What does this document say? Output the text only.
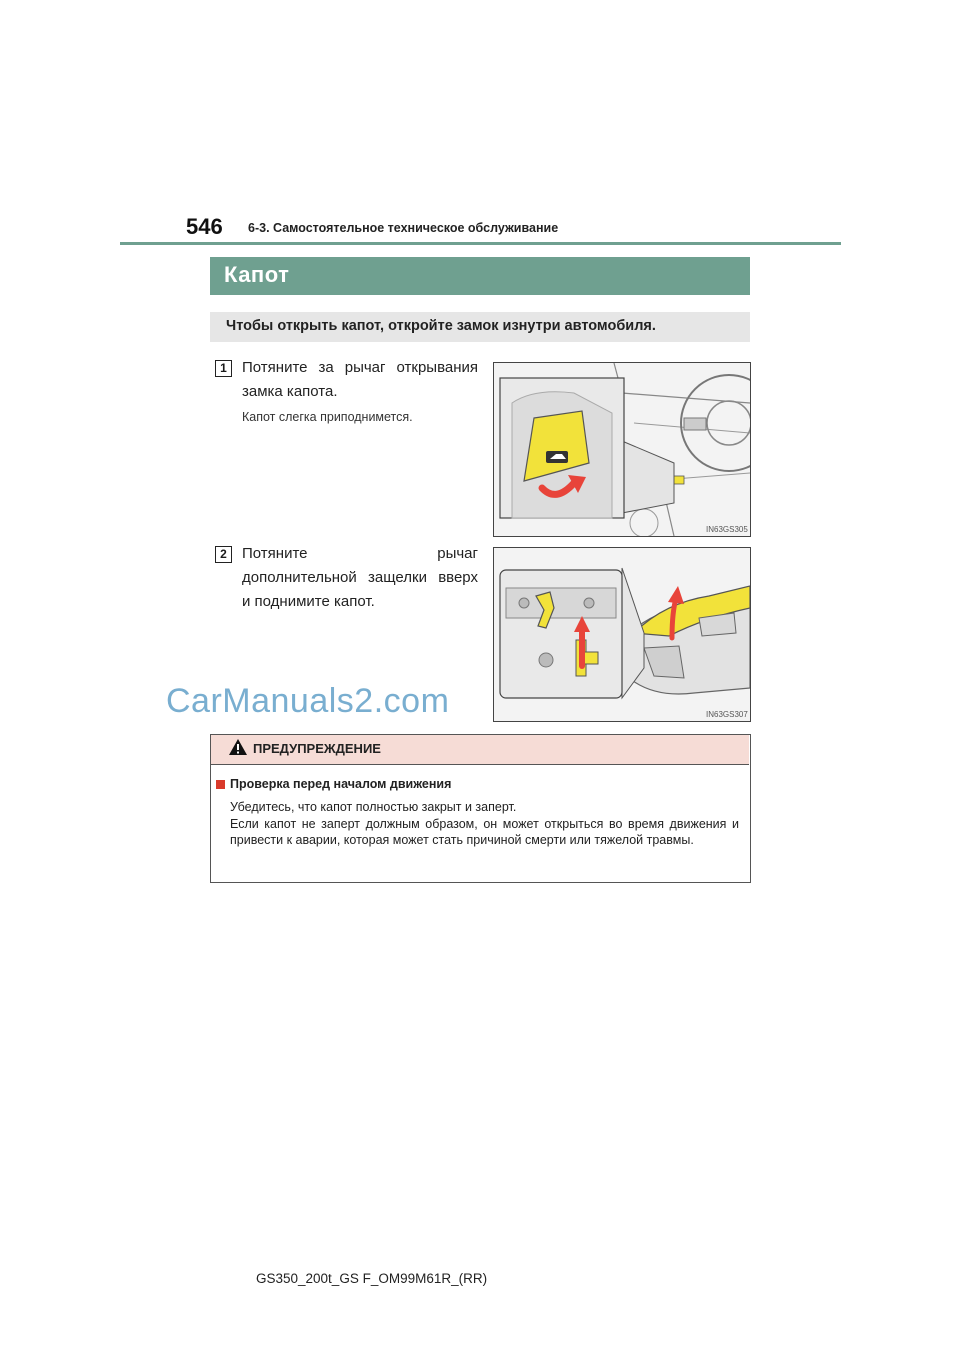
546 6-3. Самостоятельное техническое обслуживание
Капот
Чтобы открыть капот, откройте замок изнутри автомобиля.
1	Потяните за рычаг открывания
замка капота.
Капот слегка приподнимется.
IN63GS305
2	Потяните рычаг
дополнительной защелки вверх
и поднимите капот.
IN63GS307
CarManuals2.com
ПРЕДУПРЕЖДЕНИЕ
Проверка перед началом движения
Убедитесь, что капот полностью закрыт и заперт.
Если капот не заперт должным образом, он может открыться во время движения и привести к аварии, которая может стать причиной смерти или тяжелой травмы.
GS350_200t_GS F_OM99M61R_(RR)
